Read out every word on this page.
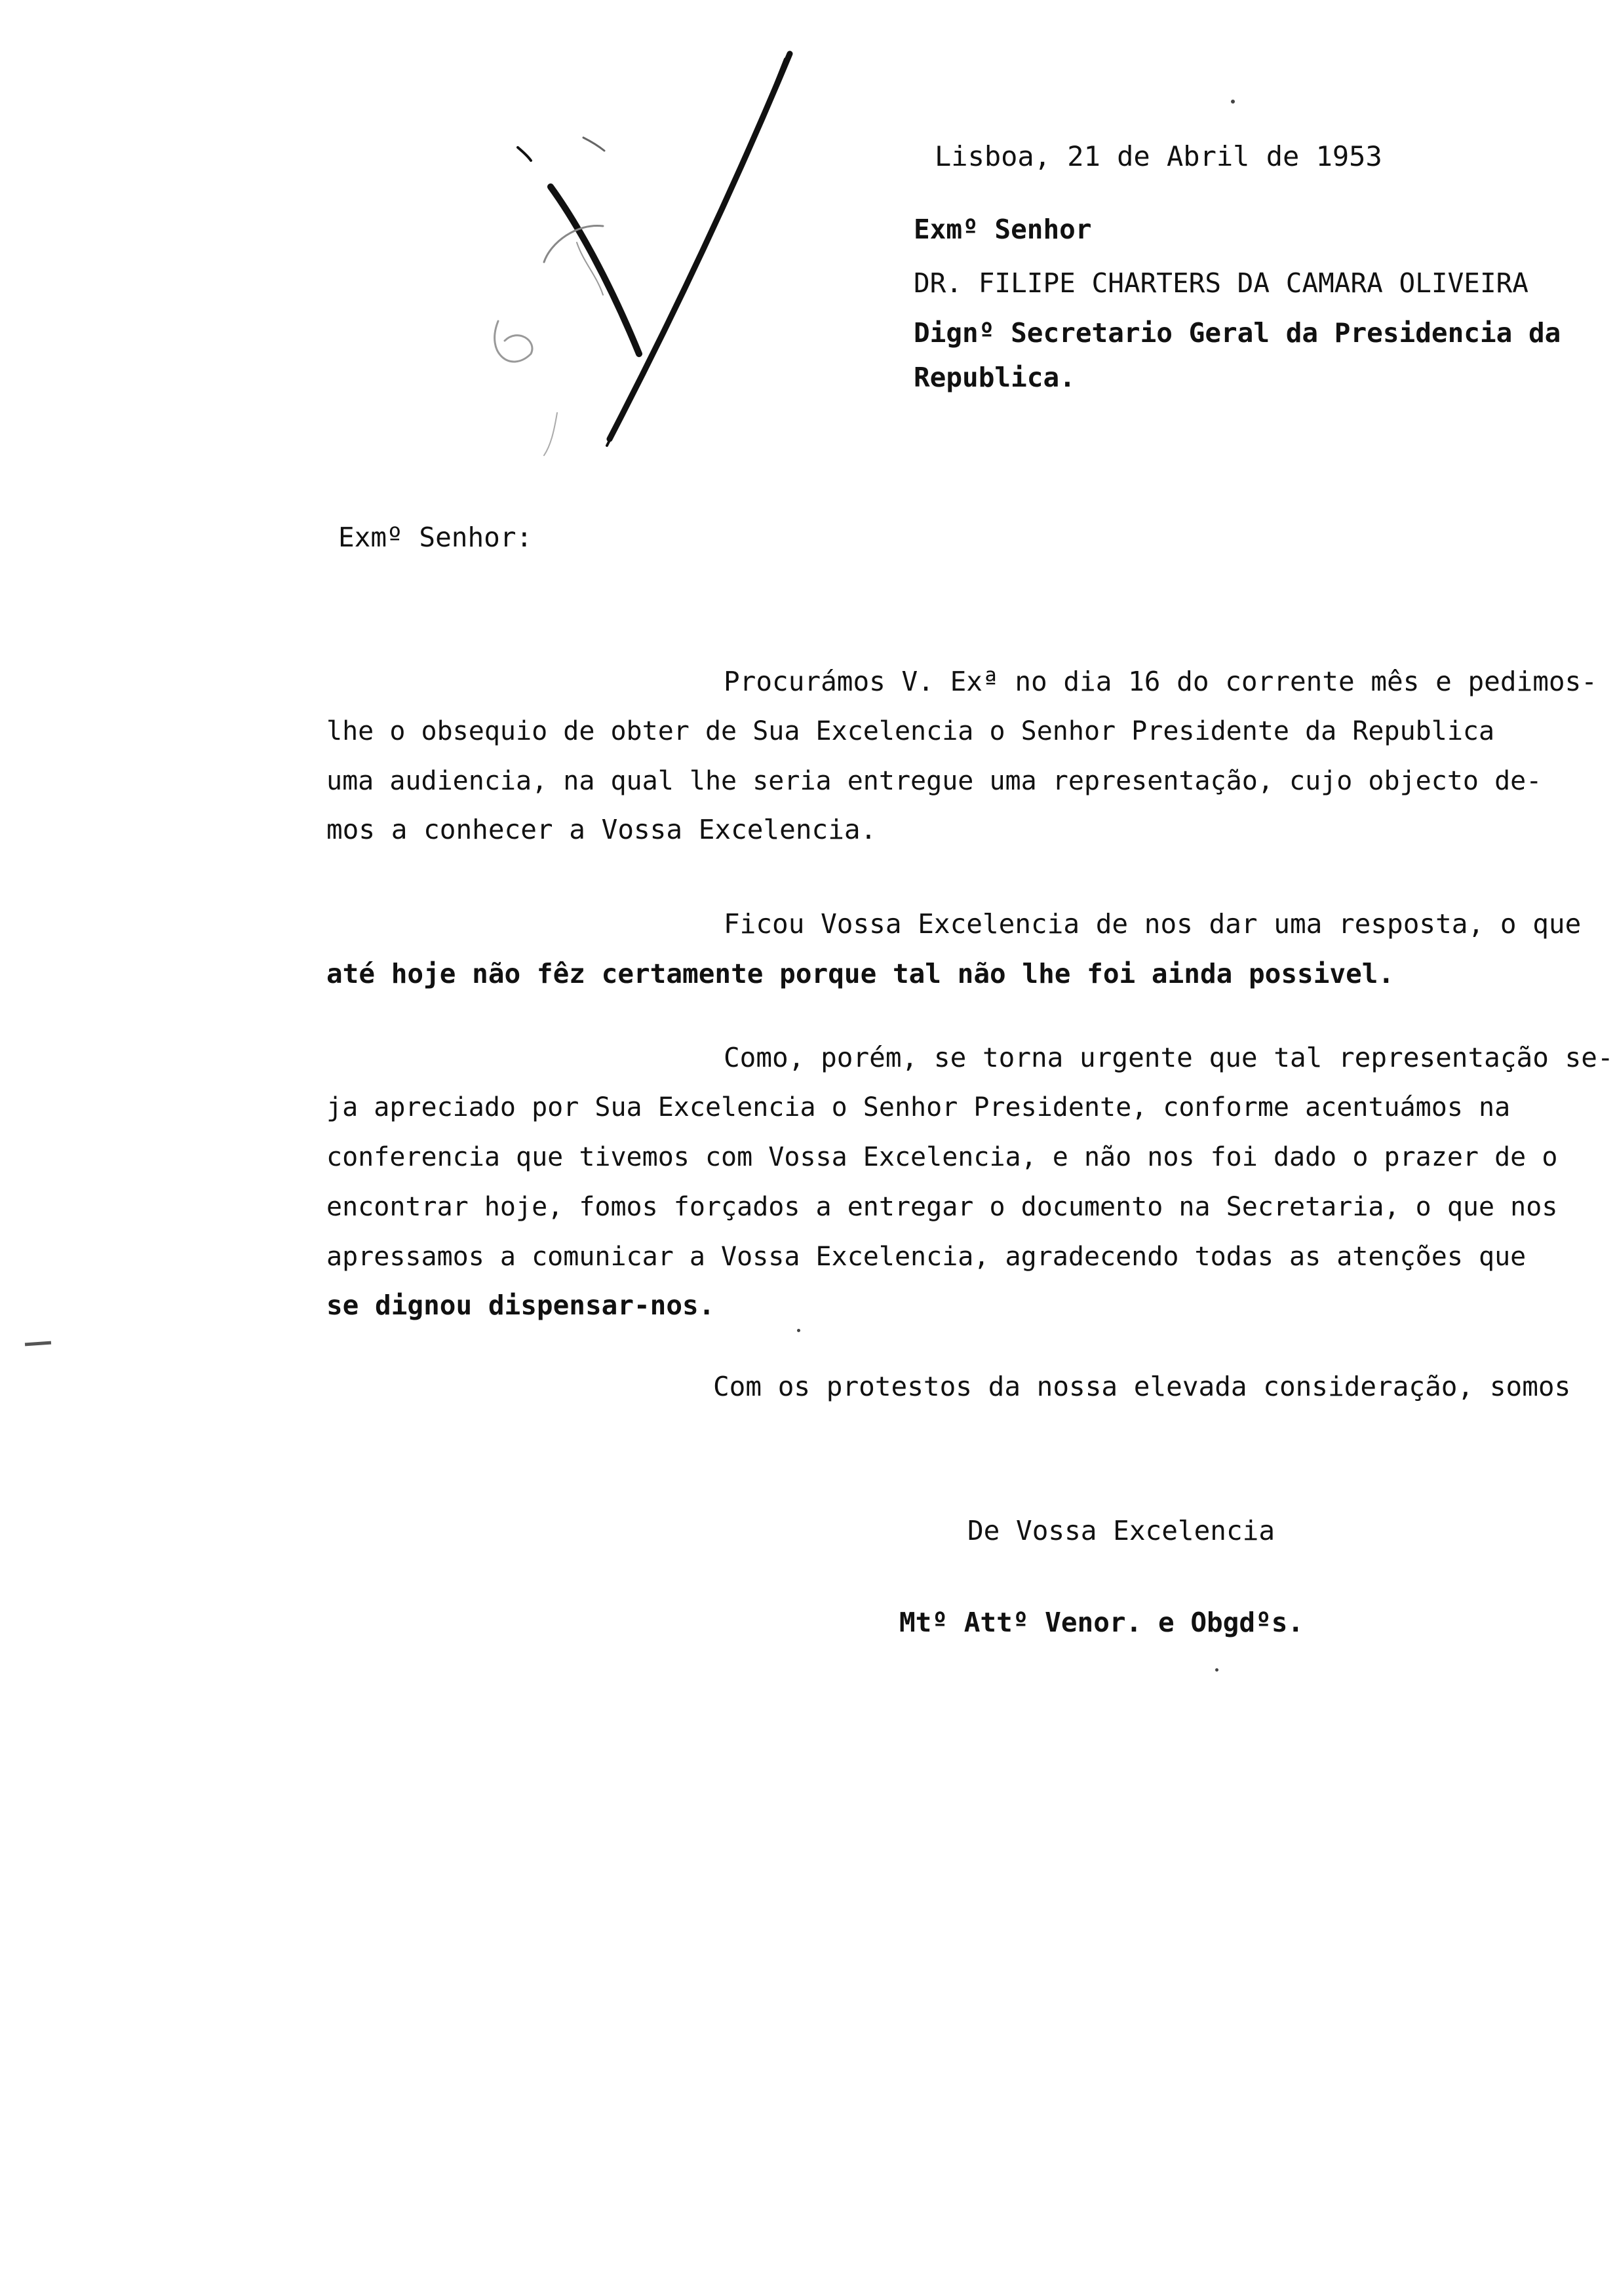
Lisboa, 21 de Abril de 1953
Exmº Senhor
DR. FILIPE CHARTERS DA CAMARA OLIVEIRA
Dignº Secretario Geral da Presidencia da
Republica.
Exmº Senhor:
Procurámos V. Exª no dia 16 do corrente mês e pedimos-
lhe o obsequio de obter de Sua Excelencia o Senhor Presidente da Republica
uma audiencia, na qual lhe seria entregue uma representação, cujo objecto de-
mos a conhecer a Vossa Excelencia.
Ficou Vossa Excelencia de nos dar uma resposta, o que
até hoje não fêz certamente porque tal não lhe foi ainda possivel.
Como, porém, se torna urgente que tal representação se-
ja apreciado por Sua Excelencia o Senhor Presidente, conforme acentuámos na
conferencia que tivemos com Vossa Excelencia, e não nos foi dado o prazer de o
encontrar hoje, fomos forçados a entregar o documento na Secretaria, o que nos
apressamos a comunicar a Vossa Excelencia, agradecendo todas as atenções que
se dignou dispensar-nos.
Com os protestos da nossa elevada consideração, somos
De Vossa Excelencia
Mtº Attº Venor. e Obgdºs.
